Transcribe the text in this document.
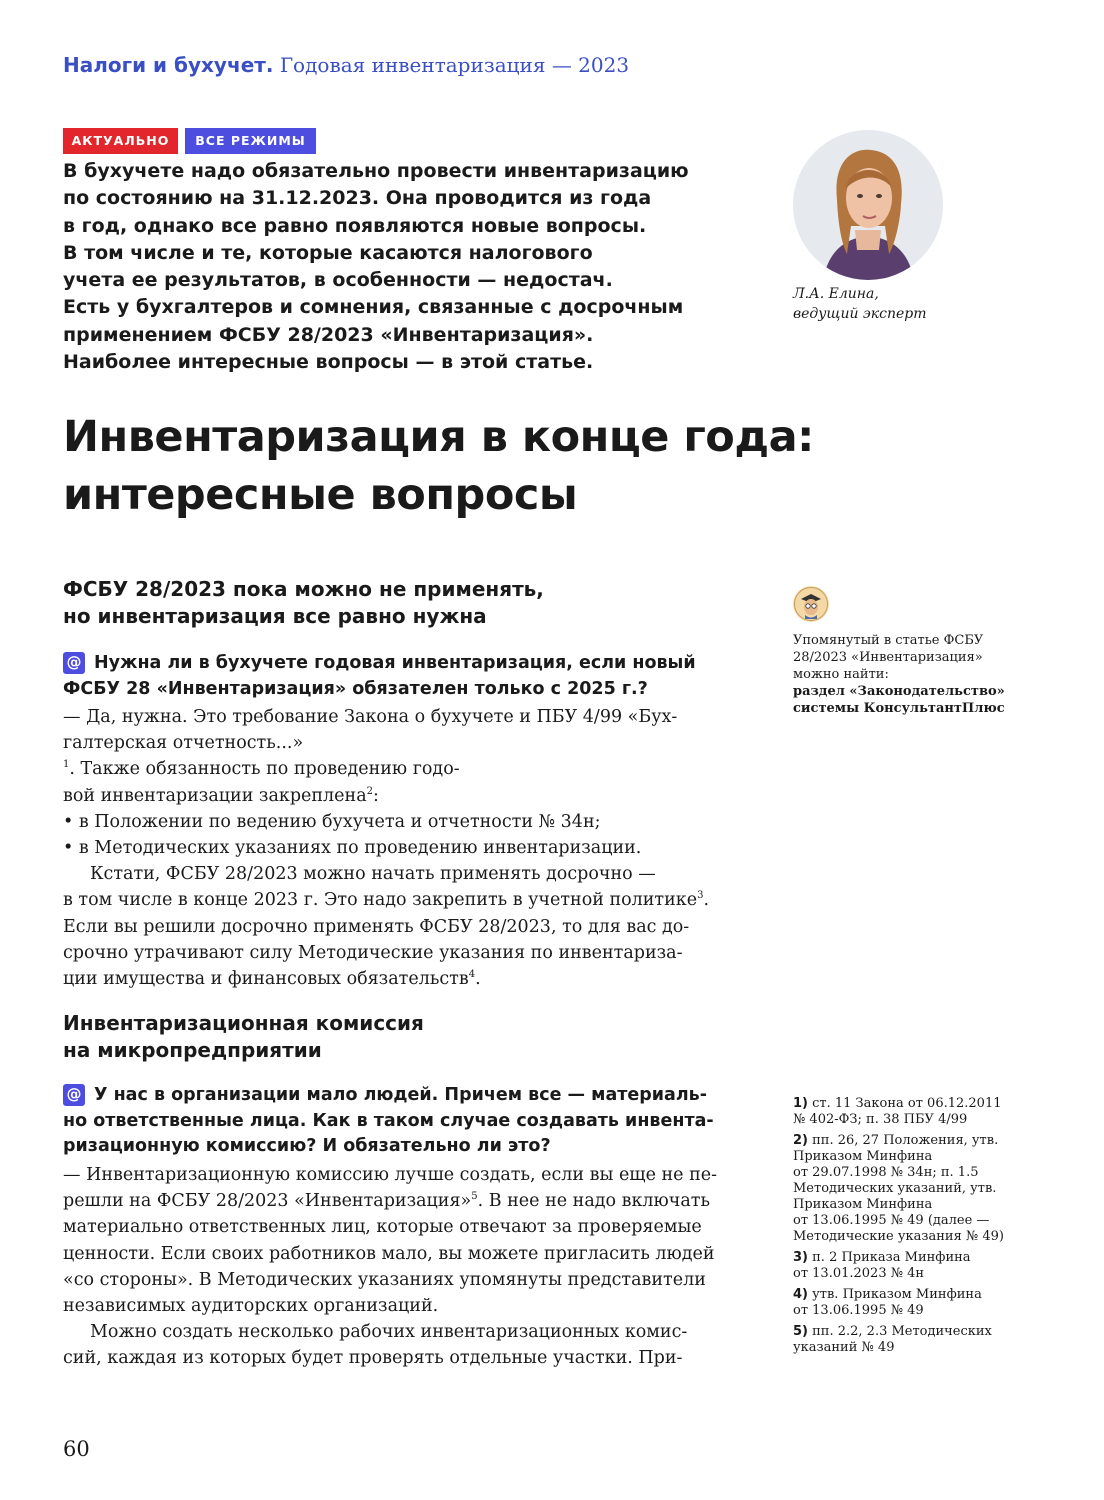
Налоги и бухучет. Годовая инвентаризация — 2023
АКТУАЛЬНО	ВСЕ РЕЖИМЫ

В бухучете надо обязательно провести инвентаризацию
по состоянию на 31.12.2023. Она проводится из года
в год, однако все равно появляются новые вопросы.
В том числе и те, которые касаются налогового
учета ее результатов, в особенности — недостач.
Есть у бухгалтеров и сомнения, связанные с досрочным
применением ФСБУ 28/2023 «Инвентаризация».
Наиболее интересные вопросы — в этой статье.

Л.А. Елина,
ведущий эксперт
Инвентаризация в конце года:
интересные вопросы
ФСБУ 28/2023 пока можно не применять,
но инвентаризация все равно нужна

@ Нужна ли в бухучете годовая инвентаризация, если новый
ФСБУ 28 «Инвентаризация» обязателен только с 2025 г.?

— Да, нужна. Это требование Закона о бухучете и ПБУ 4/99 «Бух-
галтерская отчетность...»
$^1$. Также обязанность по проведению годо-
вой инвентаризации закреплена$^2$:
• в Положении по ведению бухучета и отчетности № 34н;
• в Методических указаниях по проведению инвентаризации.
Кстати, ФСБУ 28/2023 можно начать применять досрочно —
в том числе в конце 2023 г. Это надо закрепить в учетной политике$^3$.
Если вы решили досрочно применять ФСБУ 28/2023, то для вас до-
срочно утрачивают силу Методические указания по инвентариза-
ции имущества и финансовых обязательств$^4$.

Инвентаризационная комиссия
на микропредприятии

@ У нас в организации мало людей. Причем все — материаль-
но ответственные лица. Как в таком случае создавать инвента-
ризационную комиссию? И обязательно ли это?

— Инвентаризационную комиссию лучше создать, если вы еще не пе-
решли на ФСБУ 28/2023 «Инвентаризация»$^5$. В нее не надо включать
материально ответственных лиц, которые отвечают за проверяемые
ценности. Если своих работников мало, вы можете пригласить людей
«со стороны». В Методических указаниях упомянуты представители
независимых аудиторских организаций.
Можно создать несколько рабочих инвентаризационных комис-
сий, каждая из которых будет проверять отдельные участки. При-

Упомянутый в статье ФСБУ
28/2023 «Инвентаризация»
можно найти:
раздел «Законодательство»
системы КонсультантПлюс
1) ст. 11 Закона от 06.12.2011
№ 402-ФЗ; п. 38 ПБУ 4/99
2) пп. 26, 27 Положения, утв.
Приказом Минфина
от 29.07.1998 № 34н; п. 1.5
Методических указаний, утв.
Приказом Минфина
от 13.06.1995 № 49 (далее —
Методические указания № 49)
3) п. 2 Приказа Минфина
от 13.01.2023 № 4н
4) утв. Приказом Минфина
от 13.06.1995 № 49
5) пп. 2.2, 2.3 Методических
указаний № 49
60
